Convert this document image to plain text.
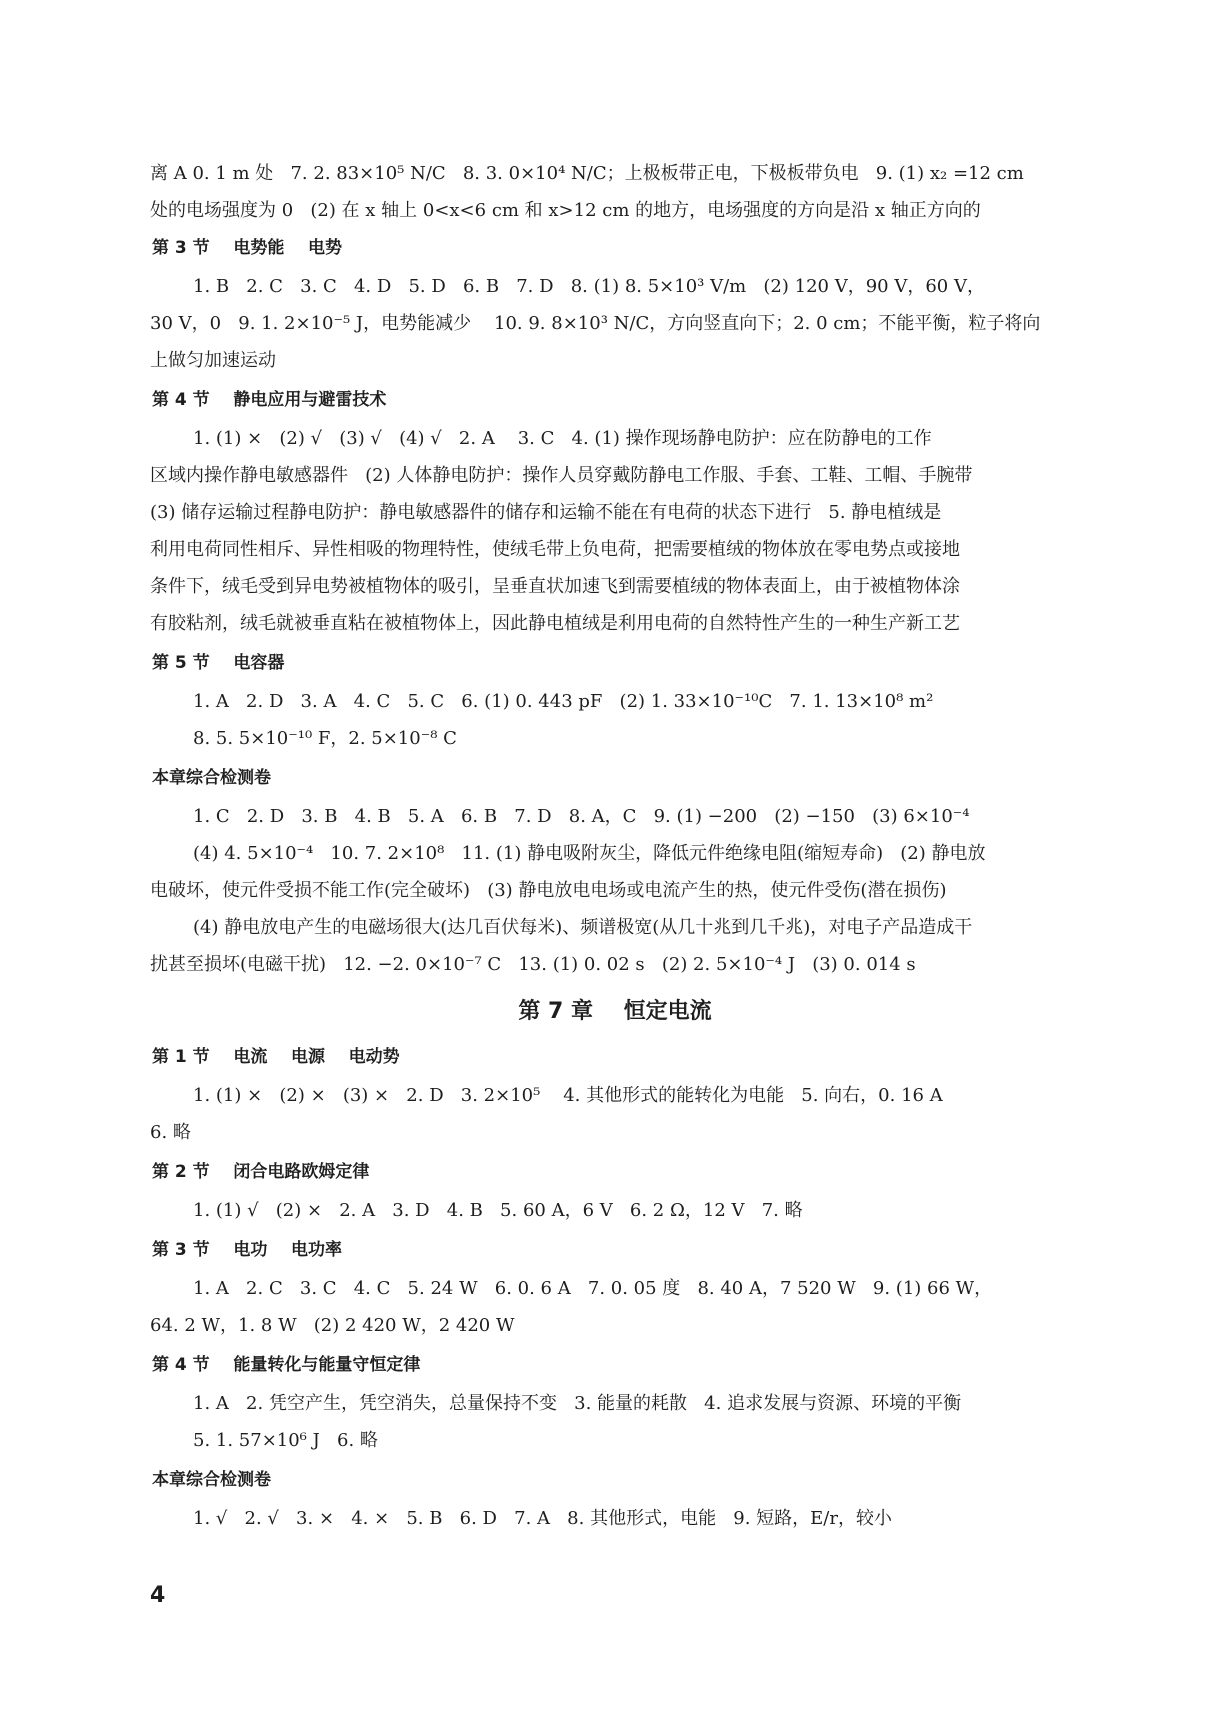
离 A 0. 1 m 处   7. 2. 83×10⁵ N/C   8. 3. 0×10⁴ N/C；上极板带正电，下极板带负电   9. (1) x₂ =12 cm
处的电场强度为 0   (2) 在 x 轴上 0<x<6 cm 和 x>12 cm 的地方，电场强度的方向是沿 x 轴正方向的
第 3 节    电势能    电势
1. B   2. C   3. C   4. D   5. D   6. B   7. D   8. (1) 8. 5×10³ V/m   (2) 120 V，90 V，60 V，
30 V，0   9. 1. 2×10⁻⁵ J，电势能减少    10. 9. 8×10³ N/C，方向竖直向下；2. 0 cm；不能平衡，粒子将向
上做匀加速运动
第 4 节    静电应用与避雷技术
1. (1) ×   (2) √   (3) √   (4) √   2. A    3. C   4. (1) 操作现场静电防护：应在防静电的工作
区域内操作静电敏感器件   (2) 人体静电防护：操作人员穿戴防静电工作服、手套、工鞋、工帽、手腕带
(3) 储存运输过程静电防护：静电敏感器件的储存和运输不能在有电荷的状态下进行   5. 静电植绒是
利用电荷同性相斥、异性相吸的物理特性，使绒毛带上负电荷，把需要植绒的物体放在零电势点或接地
条件下，绒毛受到异电势被植物体的吸引，呈垂直状加速飞到需要植绒的物体表面上，由于被植物体涂
有胶粘剂，绒毛就被垂直粘在被植物体上，因此静电植绒是利用电荷的自然特性产生的一种生产新工艺
第 5 节    电容器
1. A   2. D   3. A   4. C   5. C   6. (1) 0. 443 pF   (2) 1. 33×10⁻¹⁰C   7. 1. 13×10⁸ m²
8. 5. 5×10⁻¹⁰ F，2. 5×10⁻⁸ C
本章综合检测卷
1. C   2. D   3. B   4. B   5. A   6. B   7. D   8. A，C   9. (1) −200   (2) −150   (3) 6×10⁻⁴
(4) 4. 5×10⁻⁴   10. 7. 2×10⁸   11. (1) 静电吸附灰尘，降低元件绝缘电阻(缩短寿命)   (2) 静电放
电破坏，使元件受损不能工作(完全破坏)   (3) 静电放电电场或电流产生的热，使元件受伤(潜在损伤)
(4) 静电放电产生的电磁场很大(达几百伏每米)、频谱极宽(从几十兆到几千兆)，对电子产品造成干
扰甚至损坏(电磁干扰)   12. −2. 0×10⁻⁷ C   13. (1) 0. 02 s   (2) 2. 5×10⁻⁴ J   (3) 0. 014 s
第 7 章    恒定电流
第 1 节    电流    电源    电动势
1. (1) ×   (2) ×   (3) ×   2. D   3. 2×10⁵    4. 其他形式的能转化为电能   5. 向右，0. 16 A
6. 略
第 2 节    闭合电路欧姆定律
1. (1) √   (2) ×   2. A   3. D   4. B   5. 60 A，6 V   6. 2 Ω，12 V   7. 略
第 3 节    电功    电功率
1. A   2. C   3. C   4. C   5. 24 W   6. 0. 6 A   7. 0. 05 度   8. 40 A，7 520 W   9. (1) 66 W，
64. 2 W，1. 8 W   (2) 2 420 W，2 420 W
第 4 节    能量转化与能量守恒定律
1. A   2. 凭空产生，凭空消失，总量保持不变   3. 能量的耗散   4. 追求发展与资源、环境的平衡
5. 1. 57×10⁶ J   6. 略
本章综合检测卷
1. √   2. √   3. ×   4. ×   5. B   6. D   7. A   8. 其他形式，电能   9. 短路，E/r，较小
4
